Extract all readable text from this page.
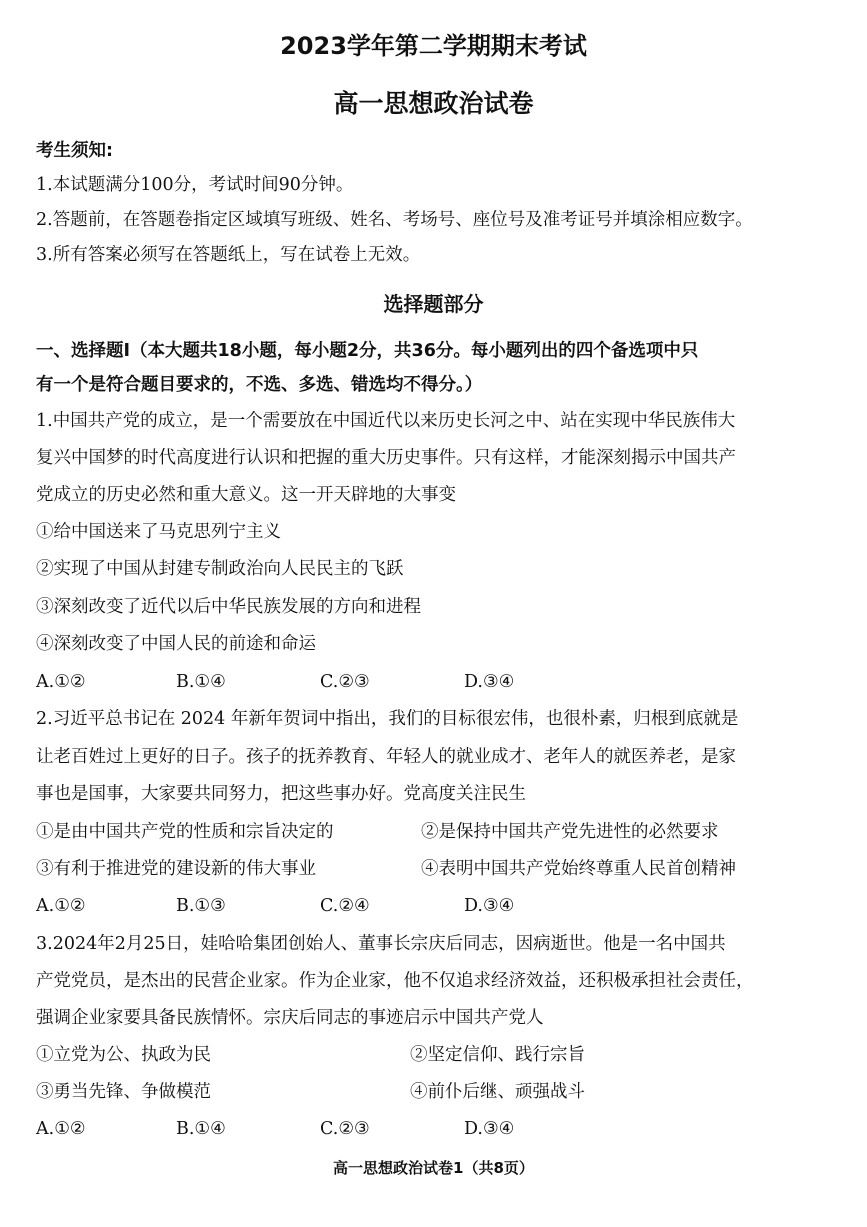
2023学年第二学期期末考试
高一思想政治试卷
考生须知:
1.本试题满分100分，考试时间90分钟。
2.答题前，在答题卷指定区域填写班级、姓名、考场号、座位号及准考证号并填涂相应数字。
3.所有答案必须写在答题纸上，写在试卷上无效。
选择题部分
一、选择题Ⅰ（本大题共18小题，每小题2分，共36分。每小题列出的四个备选项中只
有一个是符合题目要求的，不选、多选、错选均不得分。）
1.中国共产党的成立，是一个需要放在中国近代以来历史长河之中、站在实现中华民族伟大
复兴中国梦的时代高度进行认识和把握的重大历史事件。只有这样，才能深刻揭示中国共产
党成立的历史必然和重大意义。这一开天辟地的大事变
①给中国送来了马克思列宁主义
②实现了中国从封建专制政治向人民民主的飞跃
③深刻改变了近代以后中华民族发展的方向和进程
④深刻改变了中国人民的前途和命运
A.①②	B.①④	C.②③	D.③④
2.习近平总书记在 2024 年新年贺词中指出，我们的目标很宏伟，也很朴素，归根到底就是
让老百姓过上更好的日子。孩子的抚养教育、年轻人的就业成才、老年人的就医养老，是家
事也是国事，大家要共同努力，把这些事办好。党高度关注民生
①是由中国共产党的性质和宗旨决定的	②是保持中国共产党先进性的必然要求
③有利于推进党的建设新的伟大事业	④表明中国共产党始终尊重人民首创精神
A.①②	B.①③	C.②④	D.③④
3.2024年2月25日，娃哈哈集团创始人、董事长宗庆后同志，因病逝世。他是一名中国共
产党党员，是杰出的民营企业家。作为企业家，他不仅追求经济效益，还积极承担社会责任，
强调企业家要具备民族情怀。宗庆后同志的事迹启示中国共产党人
①立党为公、执政为民	②坚定信仰、践行宗旨
③勇当先锋、争做模范	④前仆后继、顽强战斗
A.①②	B.①④	C.②③	D.③④
高一思想政治试卷1（共8页）
